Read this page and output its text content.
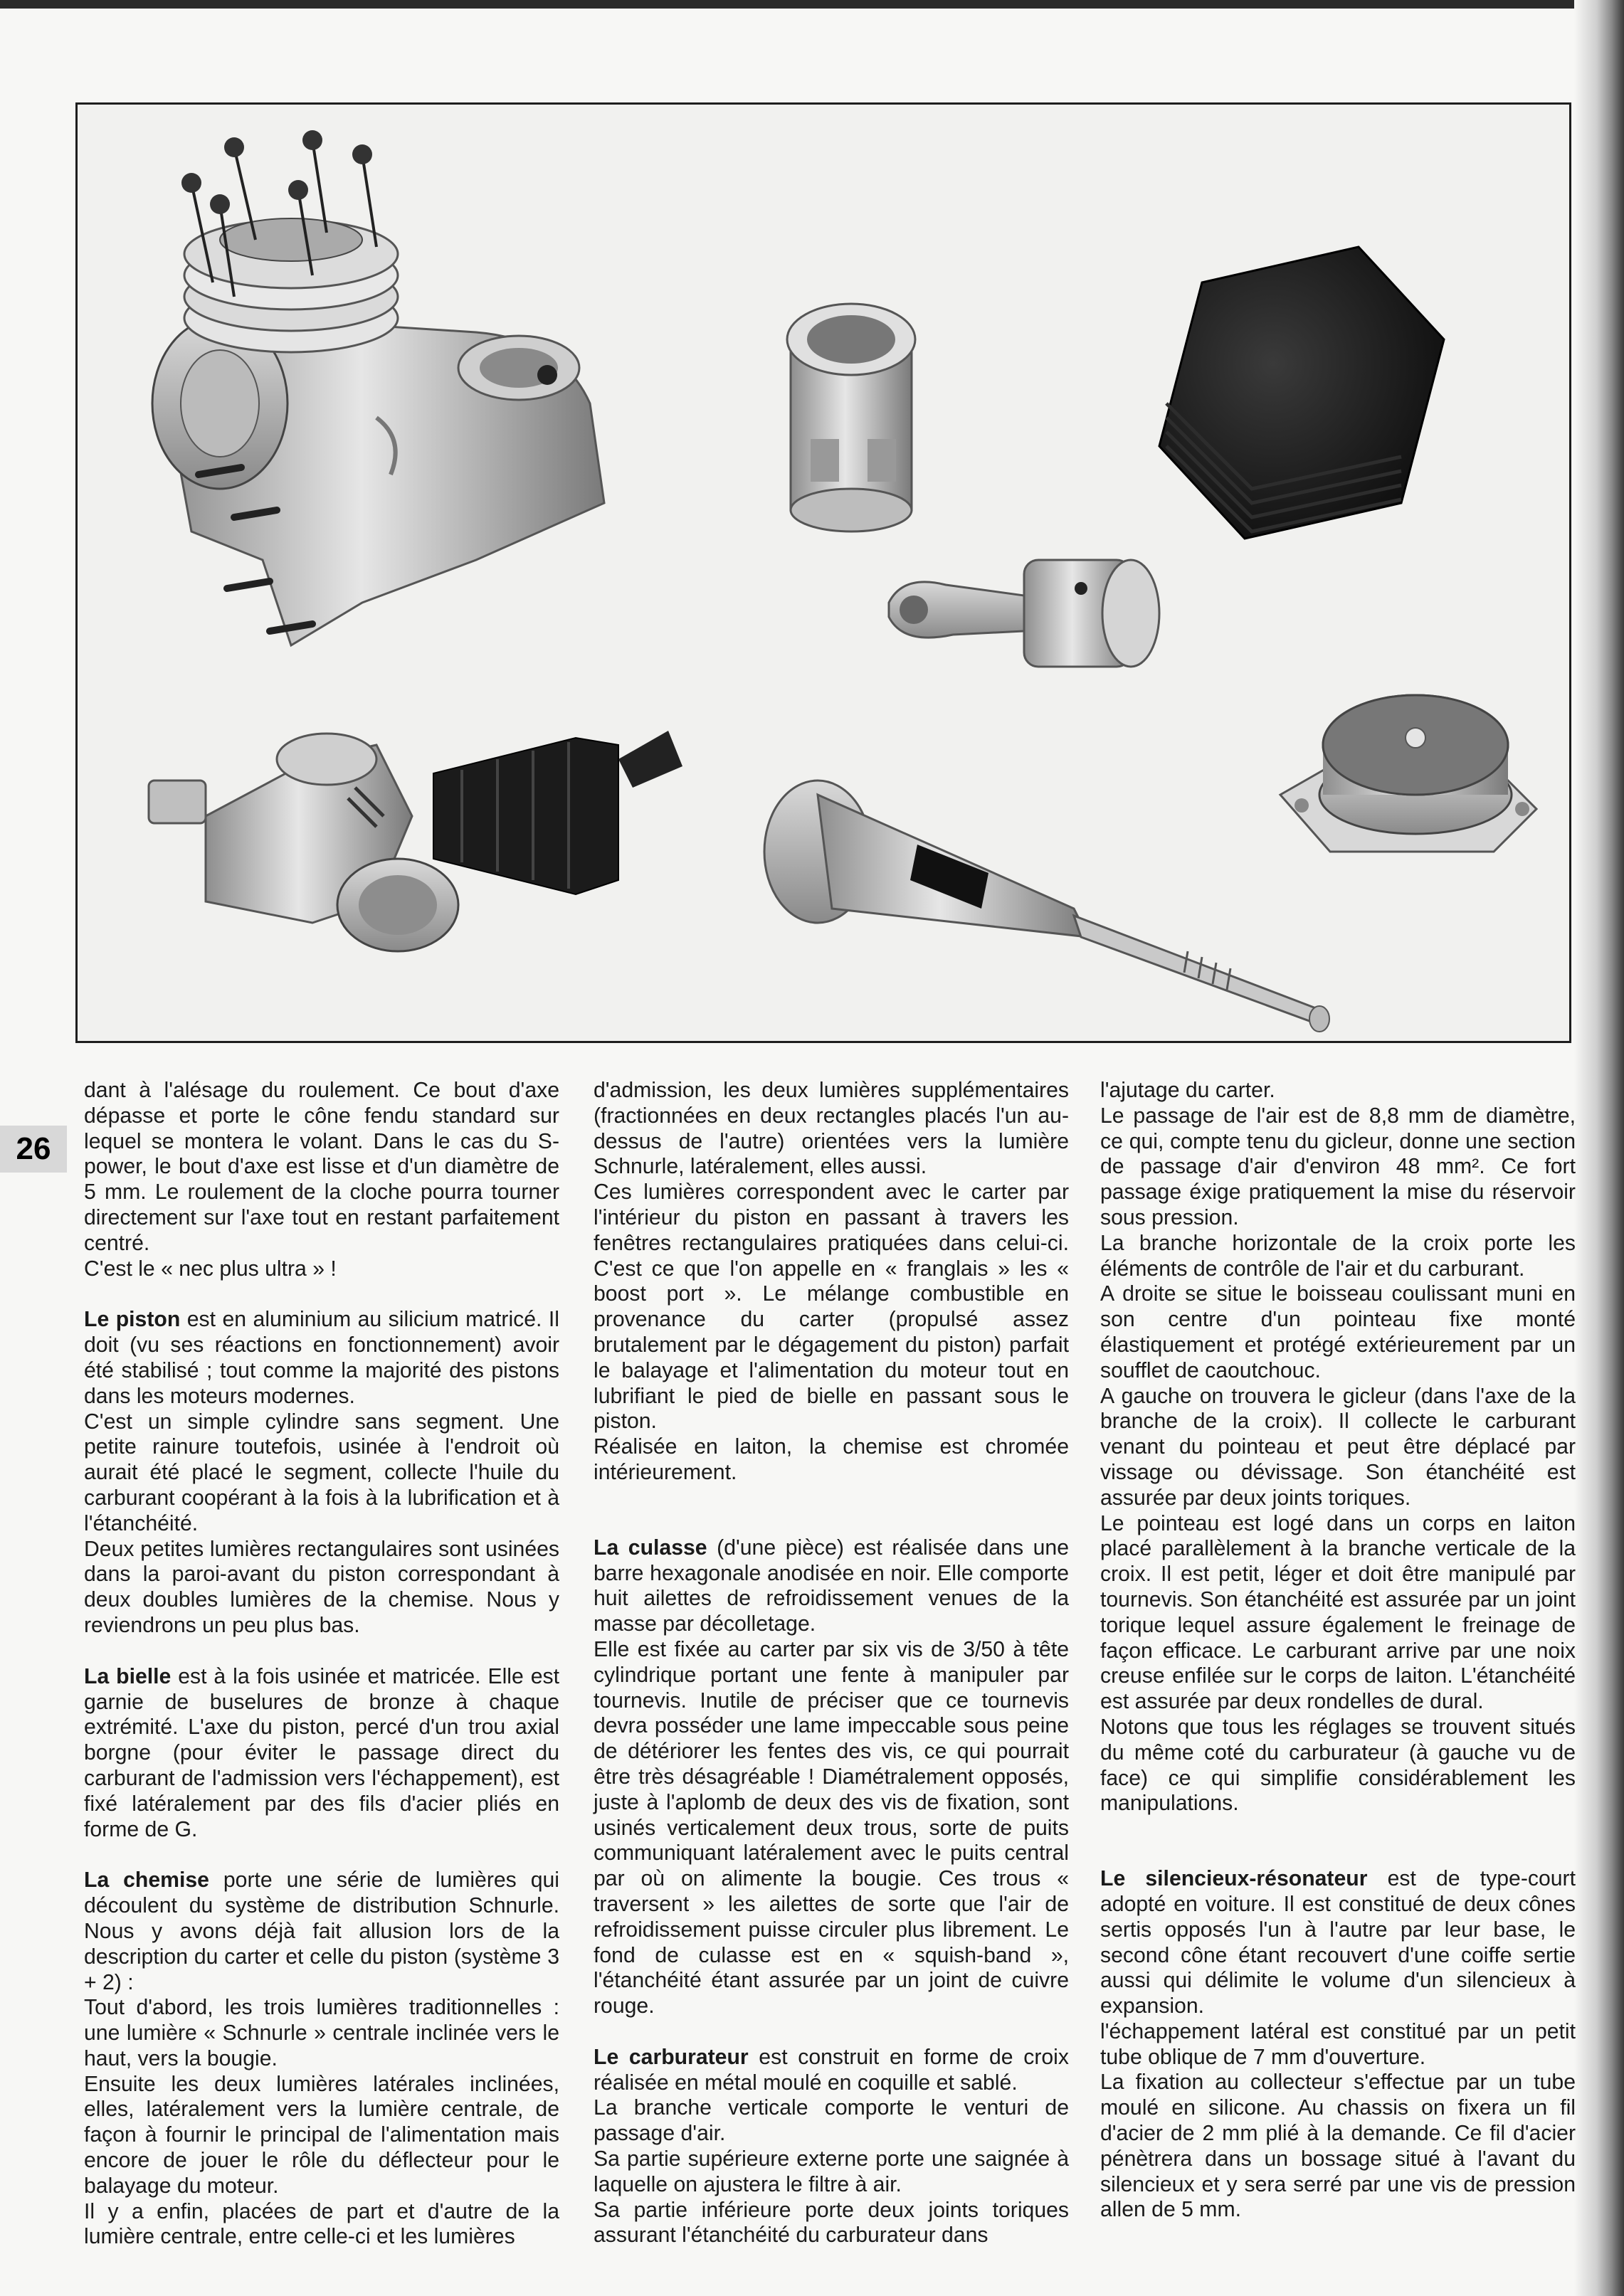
26

dant à l'alésage du roulement. Ce bout d'axe dépasse et porte le cône fendu standard sur lequel se montera le volant. Dans le cas du S-power, le bout d'axe est lisse et d'un diamètre de 5 mm. Le roulement de la cloche pourra tourner directement sur l'axe tout en restant parfaitement centré.

C'est le « nec plus ultra » !

Le piston est en aluminium au silicium matricé. Il doit (vu ses réactions en fonctionnement) avoir été stabilisé ; tout comme la majorité des pistons dans les moteurs modernes.

C'est un simple cylindre sans segment. Une petite rainure toutefois, usinée à l'endroit où aurait été placé le segment, collecte l'huile du carburant coopérant à la fois à la lubrification et à l'étanchéité.

Deux petites lumières rectangulaires sont usinées dans la paroi-avant du piston correspondant à deux doubles lumières de la chemise. Nous y reviendrons un peu plus bas.

La bielle est à la fois usinée et matricée. Elle est garnie de buselures de bronze à chaque extrémité. L'axe du piston, percé d'un trou axial borgne (pour éviter le passage direct du carburant de l'admission vers l'échappement), est fixé latéralement par des fils d'acier pliés en forme de G.

La chemise porte une série de lumières qui découlent du système de distribution Schnurle. Nous y avons déjà fait allusion lors de la description du carter et celle du piston (système 3 + 2) :

Tout d'abord, les trois lumières traditionnelles : une lumière « Schnurle » centrale inclinée vers le haut, vers la bougie.

Ensuite les deux lumières latérales inclinées, elles, latéralement vers la lumière centrale, de façon à fournir le principal de l'alimentation mais encore de jouer le rôle du déflecteur pour le balayage du moteur.

Il y a enfin, placées de part et d'autre de la lumière centrale, entre celle-ci et les lumières

d'admission, les deux lumières supplémentaires (fractionnées en deux rectangles placés l'un au-dessus de l'autre) orientées vers la lumière Schnurle, latéralement, elles aussi.

Ces lumières correspondent avec le carter par l'intérieur du piston en passant à travers les fenêtres rectangulaires pratiquées dans celui-ci. C'est ce que l'on appelle en « franglais » les « boost port ». Le mélange combustible en provenance du carter (propulsé assez brutalement par le dégagement du piston) parfait le balayage et l'alimentation du moteur tout en lubrifiant le pied de bielle en passant sous le piston.

Réalisée en laiton, la chemise est chromée intérieurement.

La culasse (d'une pièce) est réalisée dans une barre hexagonale anodisée en noir. Elle comporte huit ailettes de refroidissement venues de la masse par décolletage.

Elle est fixée au carter par six vis de 3/50 à tête cylindrique portant une fente à manipuler par tournevis. Inutile de préciser que ce tournevis devra posséder une lame impeccable sous peine de détériorer les fentes des vis, ce qui pourrait être très désagréable ! Diamétralement opposés, juste à l'aplomb de deux des vis de fixation, sont usinés verticalement deux trous, sorte de puits communiquant latéralement avec le puits central par où on alimente la bougie. Ces trous « traversent » les ailettes de sorte que l'air de refroidissement puisse circuler plus librement. Le fond de culasse est en « squish-band », l'étanchéité étant assurée par un joint de cuivre rouge.

Le carburateur est construit en forme de croix réalisée en métal moulé en coquille et sablé.

La branche verticale comporte le venturi de passage d'air.

Sa partie supérieure externe porte une saignée à laquelle on ajustera le filtre à air.

Sa partie inférieure porte deux joints toriques assurant l'étanchéité du carburateur dans

l'ajutage du carter.

Le passage de l'air est de 8,8 mm de diamètre, ce qui, compte tenu du gicleur, donne une section de passage d'air d'environ 48 mm². Ce fort passage éxige pratiquement la mise du réservoir sous pression.

La branche horizontale de la croix porte les éléments de contrôle de l'air et du carburant.

A droite se situe le boisseau coulissant muni en son centre d'un pointeau fixe monté élastiquement et protégé extérieurement par un soufflet de caoutchouc.

A gauche on trouvera le gicleur (dans l'axe de la branche de la croix). Il collecte le carburant venant du pointeau et peut être déplacé par vissage ou dévissage. Son étanchéité est assurée par deux joints toriques.

Le pointeau est logé dans un corps en laiton placé parallèlement à la branche verticale de la croix. Il est petit, léger et doit être manipulé par tournevis. Son étanchéité est assurée par un joint torique lequel assure également le freinage de façon efficace. Le carburant arrive par une noix creuse enfilée sur le corps de laiton. L'étanchéité est assurée par deux rondelles de dural.

Notons que tous les réglages se trouvent situés du même coté du carburateur (à gauche vu de face) ce qui simplifie considérablement les manipulations.

Le silencieux-résonateur est de type-court adopté en voiture. Il est constitué de deux cônes sertis opposés l'un à l'autre par leur base, le second cône étant recouvert d'une coiffe sertie aussi qui délimite le volume d'un silencieux à expansion.

l'échappement latéral est constitué par un petit tube oblique de 7 mm d'ouverture.

La fixation au collecteur s'effectue par un tube moulé en silicone. Au chassis on fixera un fil d'acier de 2 mm plié à la demande. Ce fil d'acier pénètrera dans un bossage situé à l'avant du silencieux et y sera serré par une vis de pression allen de 5 mm.
